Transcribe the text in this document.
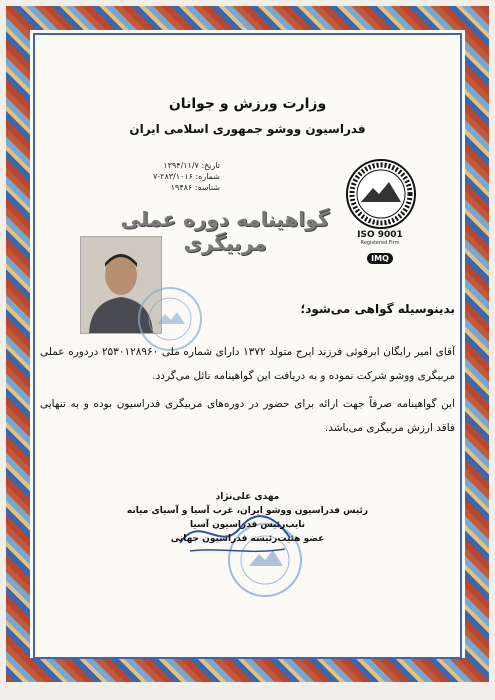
وزارت ورزش و جوانان
فدراسیون ووشو جمهوری اسلامی ایران
تاریخ: ۱۳۹۴/۱۱/۷
شماره: ۲۸۳/۱۰۱۶-۷
شناسه: ۱۹۴۸۶
ISO 9001
Registered Firm
IMQ
گواهینامه دوره عملی مربیگری
بدینوسیله گواهی می‌شود؛
آقای امیر رایگان ابرقوئی فرزند ایرج متولد ۱۳۷۲ دارای شماره ملی ۲۵۳۰۱۲۸۹۶۰ دردوره عملی مربیگری ووشو شرکت نموده و به دریافت این گواهینامه نائل می‌گردد.
این گواهینامه صرفاً جهت ارائه برای حضور در دوره‌های مربیگری فدراسیون بوده و به تنهایی فاقد ارزش مربیگری می‌باشد.
مهدی علی‌نژاد
رئیس فدراسیون ووشو ایران، غرب آسیا و آسیای میانه
نایب‌رئیس فدراسیون آسیا
عضو هئیت‌رئیسه فدراسیون جهانی
